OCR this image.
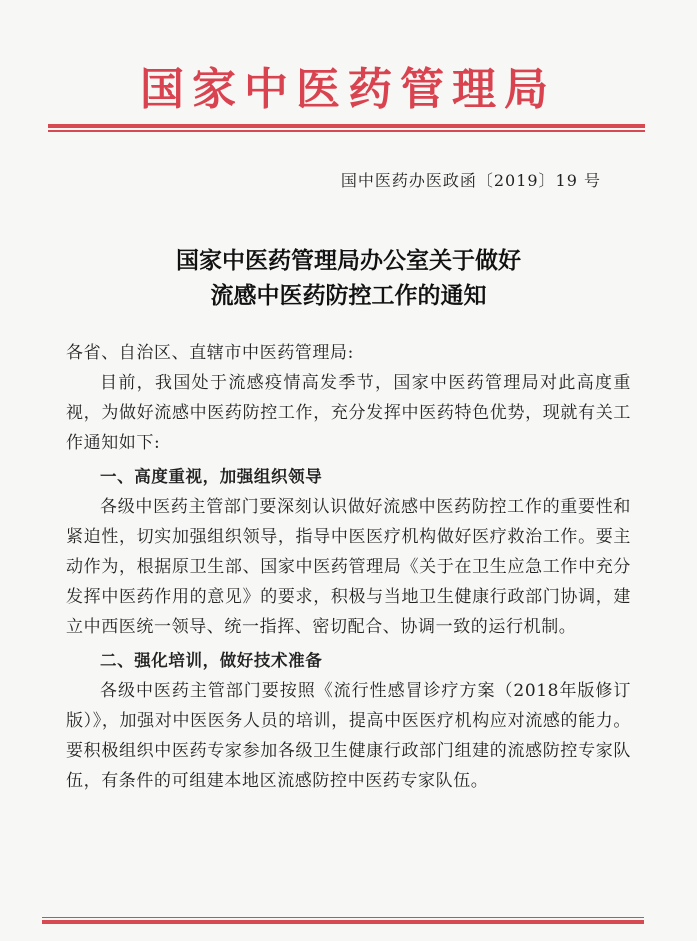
国家中医药管理局
国中医药办医政函〔2019〕19 号
国家中医药管理局办公室关于做好
流感中医药防控工作的通知

各省、自治区、直辖市中医药管理局:

目前，我国处于流感疫情高发季节，国家中医药管理局对此高度重视，为做好流感中医药防控工作，充分发挥中医药特色优势，现就有关工作通知如下:

一、高度重视，加强组织领导

各级中医药主管部门要深刻认识做好流感中医药防控工作的重要性和紧迫性，切实加强组织领导，指导中医医疗机构做好医疗救治工作。要主动作为，根据原卫生部、国家中医药管理局《关于在卫生应急工作中充分发挥中医药作用的意见》的要求，积极与当地卫生健康行政部门协调，建立中西医统一领导、统一指挥、密切配合、协调一致的运行机制。

二、强化培训，做好技术准备

各级中医药主管部门要按照《流行性感冒诊疗方案（2018年版修订版）》，加强对中医医务人员的培训，提高中医医疗机构应对流感的能力。要积极组织中医药专家参加各级卫生健康行政部门组建的流感防控专家队伍，有条件的可组建本地区流感防控中医药专家队伍。
